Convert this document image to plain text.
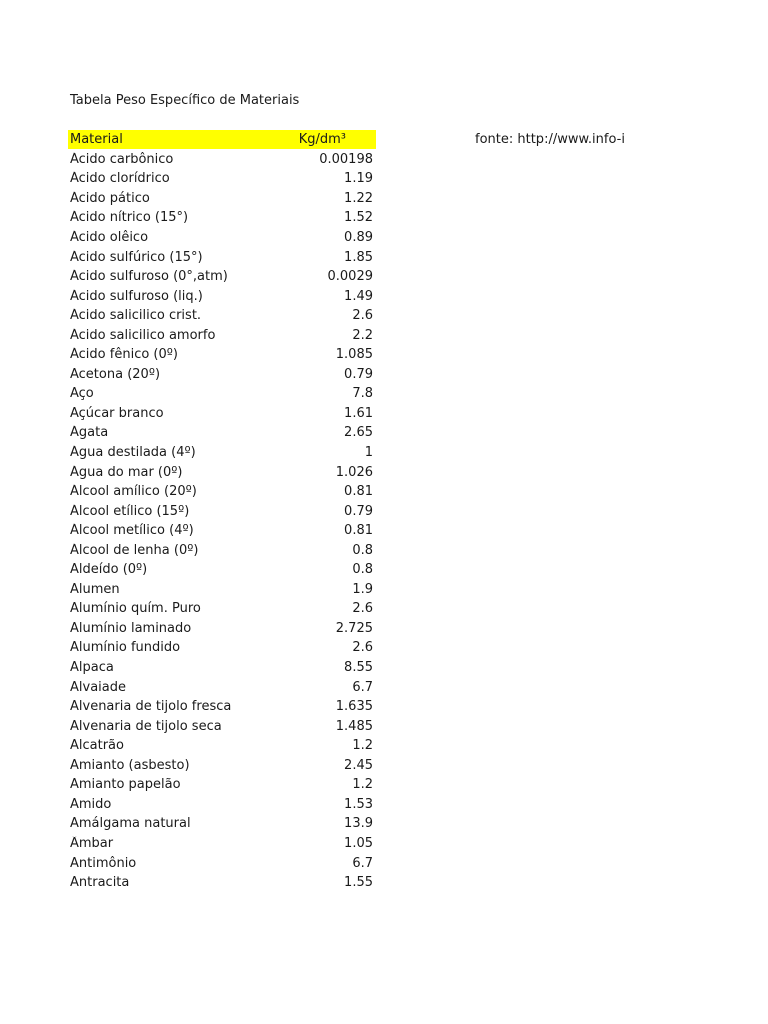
Tabela Peso Específico de Materiais
fonte: http://www.info-i
Material	Kg/dm³
Ácido carbônico	0.00198
Ácido clorídrico	1.19
Ácido pático	1.22
Ácido nítrico (15°)	1.52
Ácido olêico	0.89
Ácido sulfúrico (15°)	1.85
Ácido sulfuroso (0°,atm)	0.0029
Ácido sulfuroso (liq.)	1.49
Ácido salicilico crist.	2.6
Ácido salicilico amorfo	2.2
Ácido fênico (0º)	1.085
Acetona (20º)	0.79
Aço	7.8
Açúcar branco	1.61
Ágata	2.65
Água destilada (4º)	1
Água do mar (0º)	1.026
Álcool amílico (20º)	0.81
Álcool etílico (15º)	0.79
Álcool metílico (4º)	0.81
Álcool de lenha (0º)	0.8
Aldeído (0º)	0.8
Alumen	1.9
Alumínio quím. Puro	2.6
Alumínio laminado	2.725
Alumínio fundido	2.6
Alpaca	8.55
Alvaiade	6.7
Alvenaria de tijolo fresca	1.635
Alvenaria de tijolo seca	1.485
Alcatrão	1.2
Amianto (asbesto)	2.45
Amianto papelão	1.2
Amido	1.53
Amálgama natural	13.9
Âmbar	1.05
Antimônio	6.7
Antracita	1.55
